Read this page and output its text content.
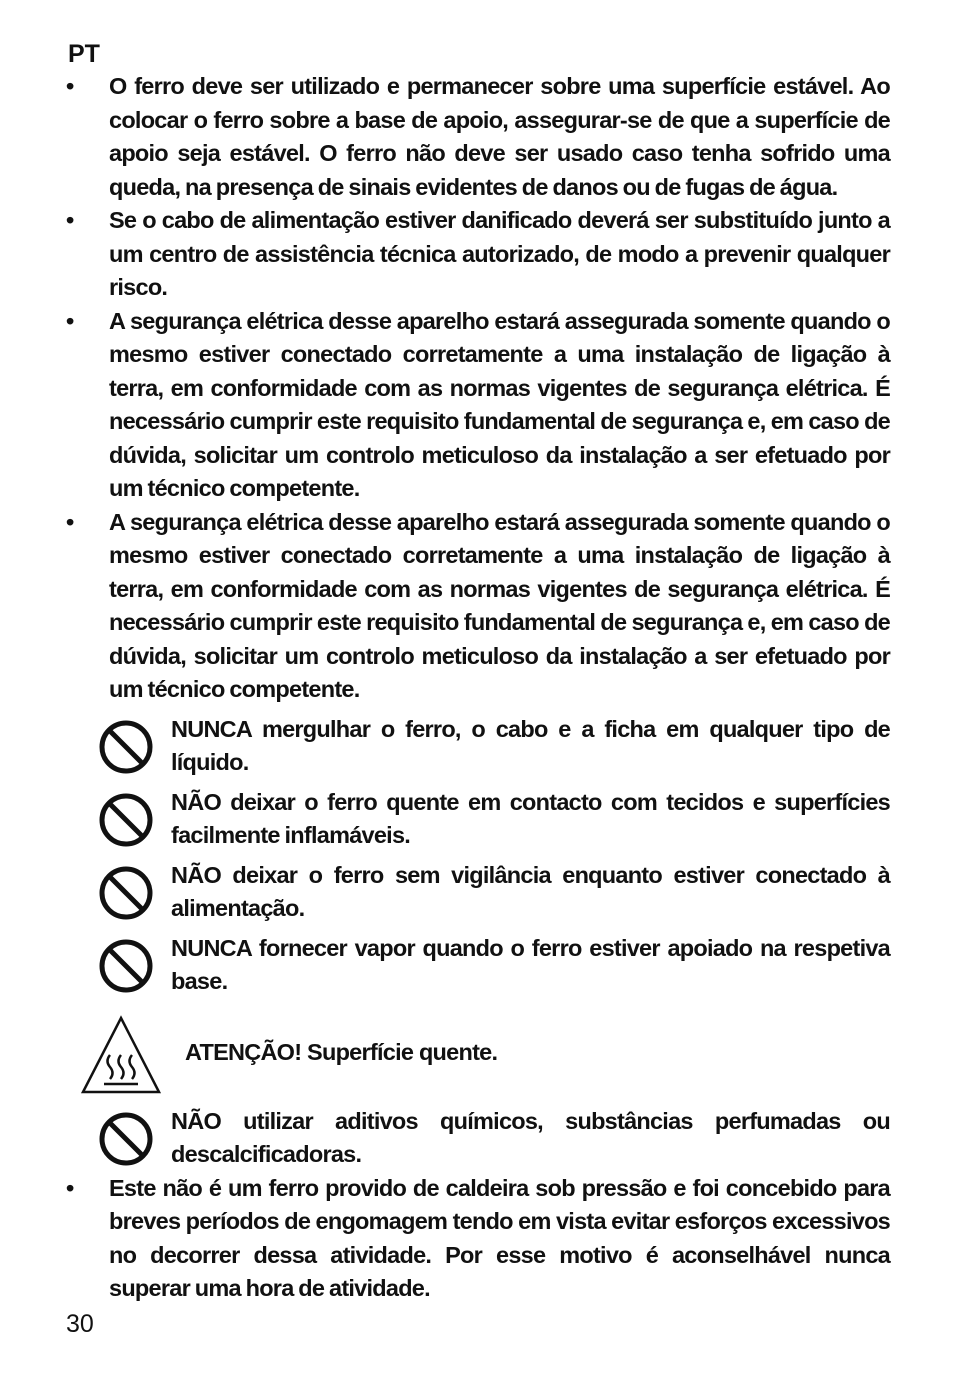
PT

•	O ferro deve ser utilizado e permanecer sobre uma superfície estável. Ao colocar o ferro sobre a base de apoio, assegurar-se de que a superfície de apoio seja estável. O ferro não deve ser usado caso tenha sofrido uma queda, na presença de sinais evidentes de danos ou de fugas de água.

•	Se o cabo de alimentação estiver danificado deverá ser substituído junto a um centro de assistência técnica autorizado, de modo a prevenir qualquer risco.

•	A segurança elétrica desse aparelho estará assegurada somente quando o mesmo estiver conectado corretamente a uma instalação de ligação à terra, em conformidade com as normas vigentes de segurança elétrica. É necessário cumprir este requisito fundamental de segurança e, em caso de dúvida, solicitar um controlo meticuloso da instalação a ser efetuado por um técnico competente.

•	A segurança elétrica desse aparelho estará assegurada somente quando o mesmo estiver conectado corretamente a uma instalação de ligação à terra, em conformidade com as normas vigentes de segurança elétrica. É necessário cumprir este requisito fundamental de segurança e, em caso de dúvida, solicitar um controlo meticuloso da instalação a ser efetuado por um técnico competente.

NUNCA mergulhar o ferro, o cabo e a ficha em qualquer tipo de líquido.
NÃO deixar o ferro quente em contacto com tecidos e superfícies facilmente inflamáveis.
NÃO deixar o ferro sem vigilância enquanto estiver conectado à alimentação.
NUNCA fornecer vapor quando o ferro estiver apoiado na respetiva base.
ATENÇÃO! Superfície quente.
NÃO utilizar aditivos químicos, substâncias perfumadas ou descalcificadoras.

•	Este não é um ferro provido de caldeira sob pressão e foi concebido para breves períodos de engomagem tendo em vista evitar esforços excessivos no decorrer dessa atividade. Por esse motivo é aconselhável nunca superar uma hora de atividade.

30
